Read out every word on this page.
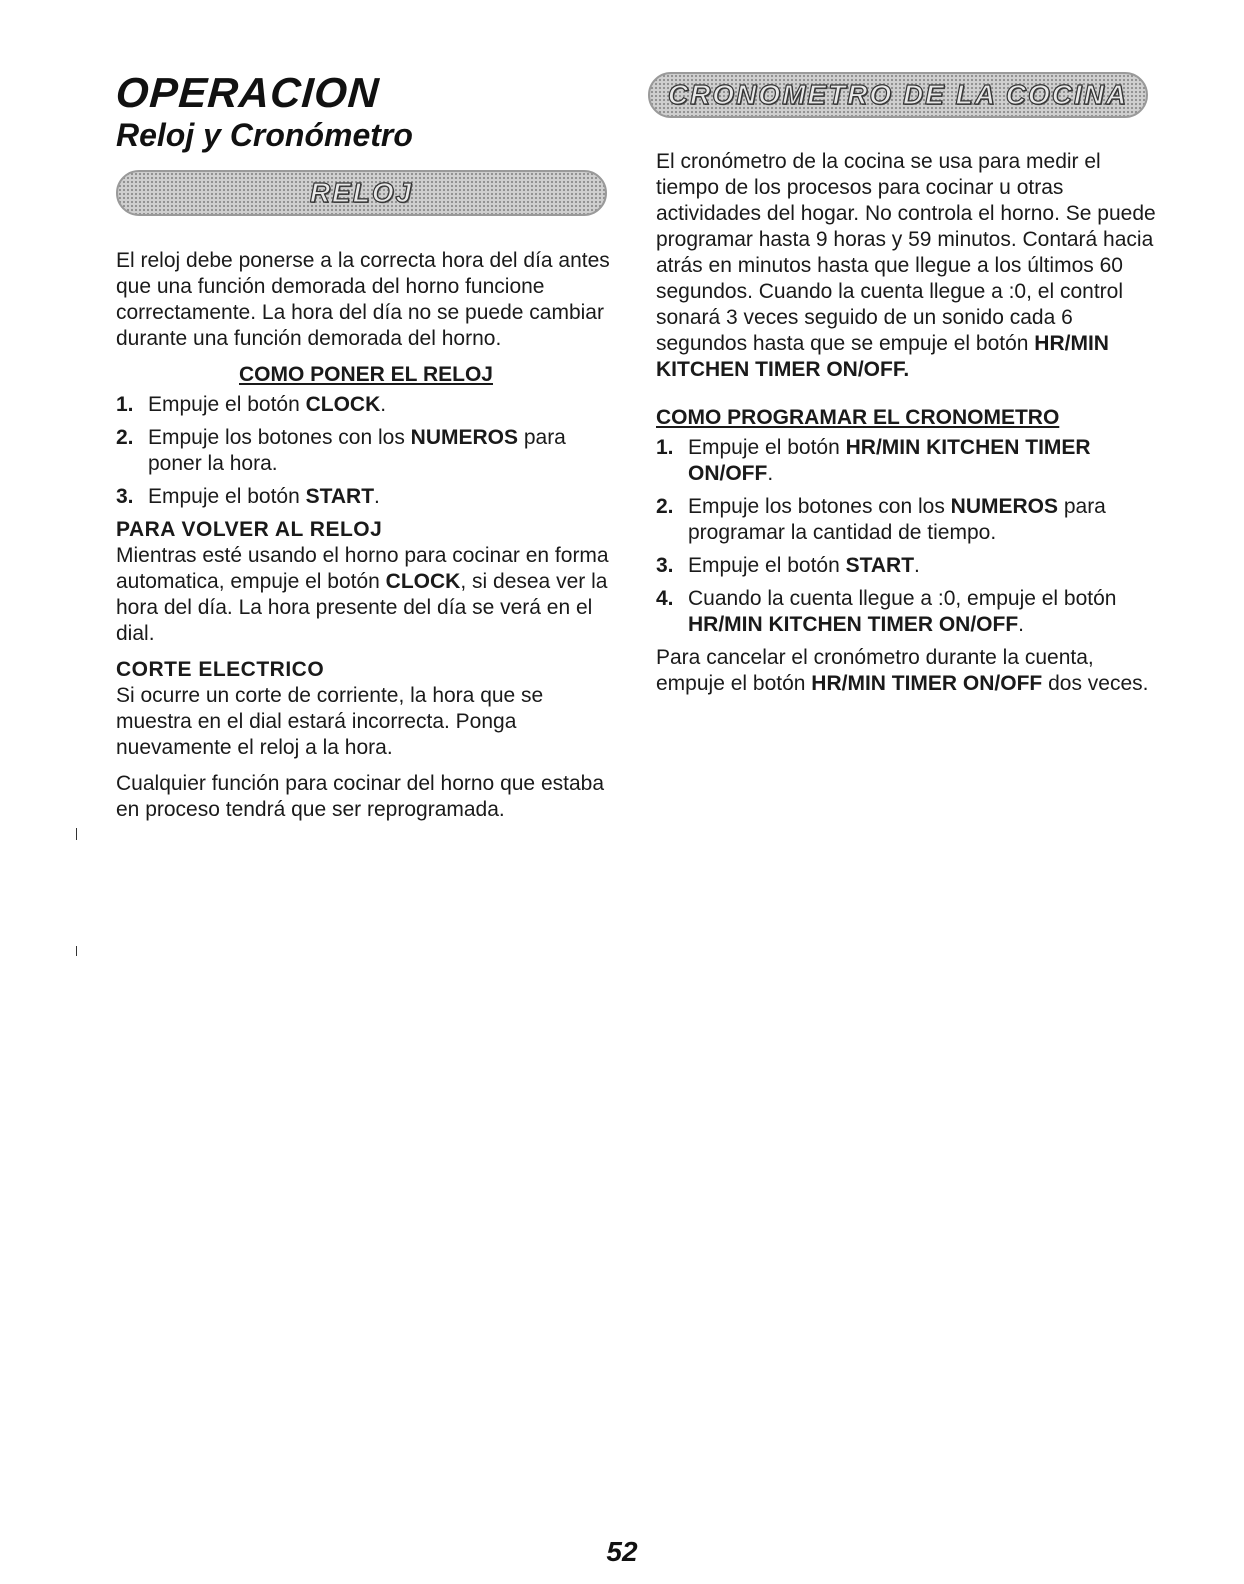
OPERACION
Reloj y Cronómetro
RELOJ
CRONOMETRO DE LA COCINA

El reloj debe ponerse a la correcta hora del día antes que una función demorada del horno funcione correctamente. La hora del día no se puede cambiar durante una función demorada del horno.

COMO PONER EL RELOJ

1. Empuje el botón CLOCK.
2. Empuje los botones con los NUMEROS para poner la hora.
3. Empuje el botón START.

PARA VOLVER AL RELOJ

Mientras esté usando el horno para cocinar en forma automatica, empuje el botón CLOCK, si desea ver la hora del día. La hora presente del día se verá en el dial.

CORTE ELECTRICO

Si ocurre un corte de corriente, la hora que se muestra en el dial estará incorrecta. Ponga nuevamente el reloj a la hora.

Cualquier función para cocinar del horno que estaba en proceso tendrá que ser reprogramada.

El cronómetro de la cocina se usa para medir el tiempo de los procesos para cocinar u otras actividades del hogar. No controla el horno. Se puede programar hasta 9 horas y 59 minutos. Contará hacia atrás en minutos hasta que llegue a los últimos 60 segundos. Cuando la cuenta llegue a :0, el control sonará 3 veces seguido de un sonido cada 6 segundos hasta que se empuje el botón HR/MIN KITCHEN TIMER ON/OFF.

COMO PROGRAMAR EL CRONOMETRO

1. Empuje el botón HR/MIN KITCHEN TIMER ON/OFF.
2. Empuje los botones con los NUMEROS para programar la cantidad de tiempo.
3. Empuje el botón START.
4. Cuando la cuenta llegue a :0, empuje el botón HR/MIN KITCHEN TIMER ON/OFF.

Para cancelar el cronómetro durante la cuenta, empuje el botón HR/MIN TIMER ON/OFF dos veces.

52
